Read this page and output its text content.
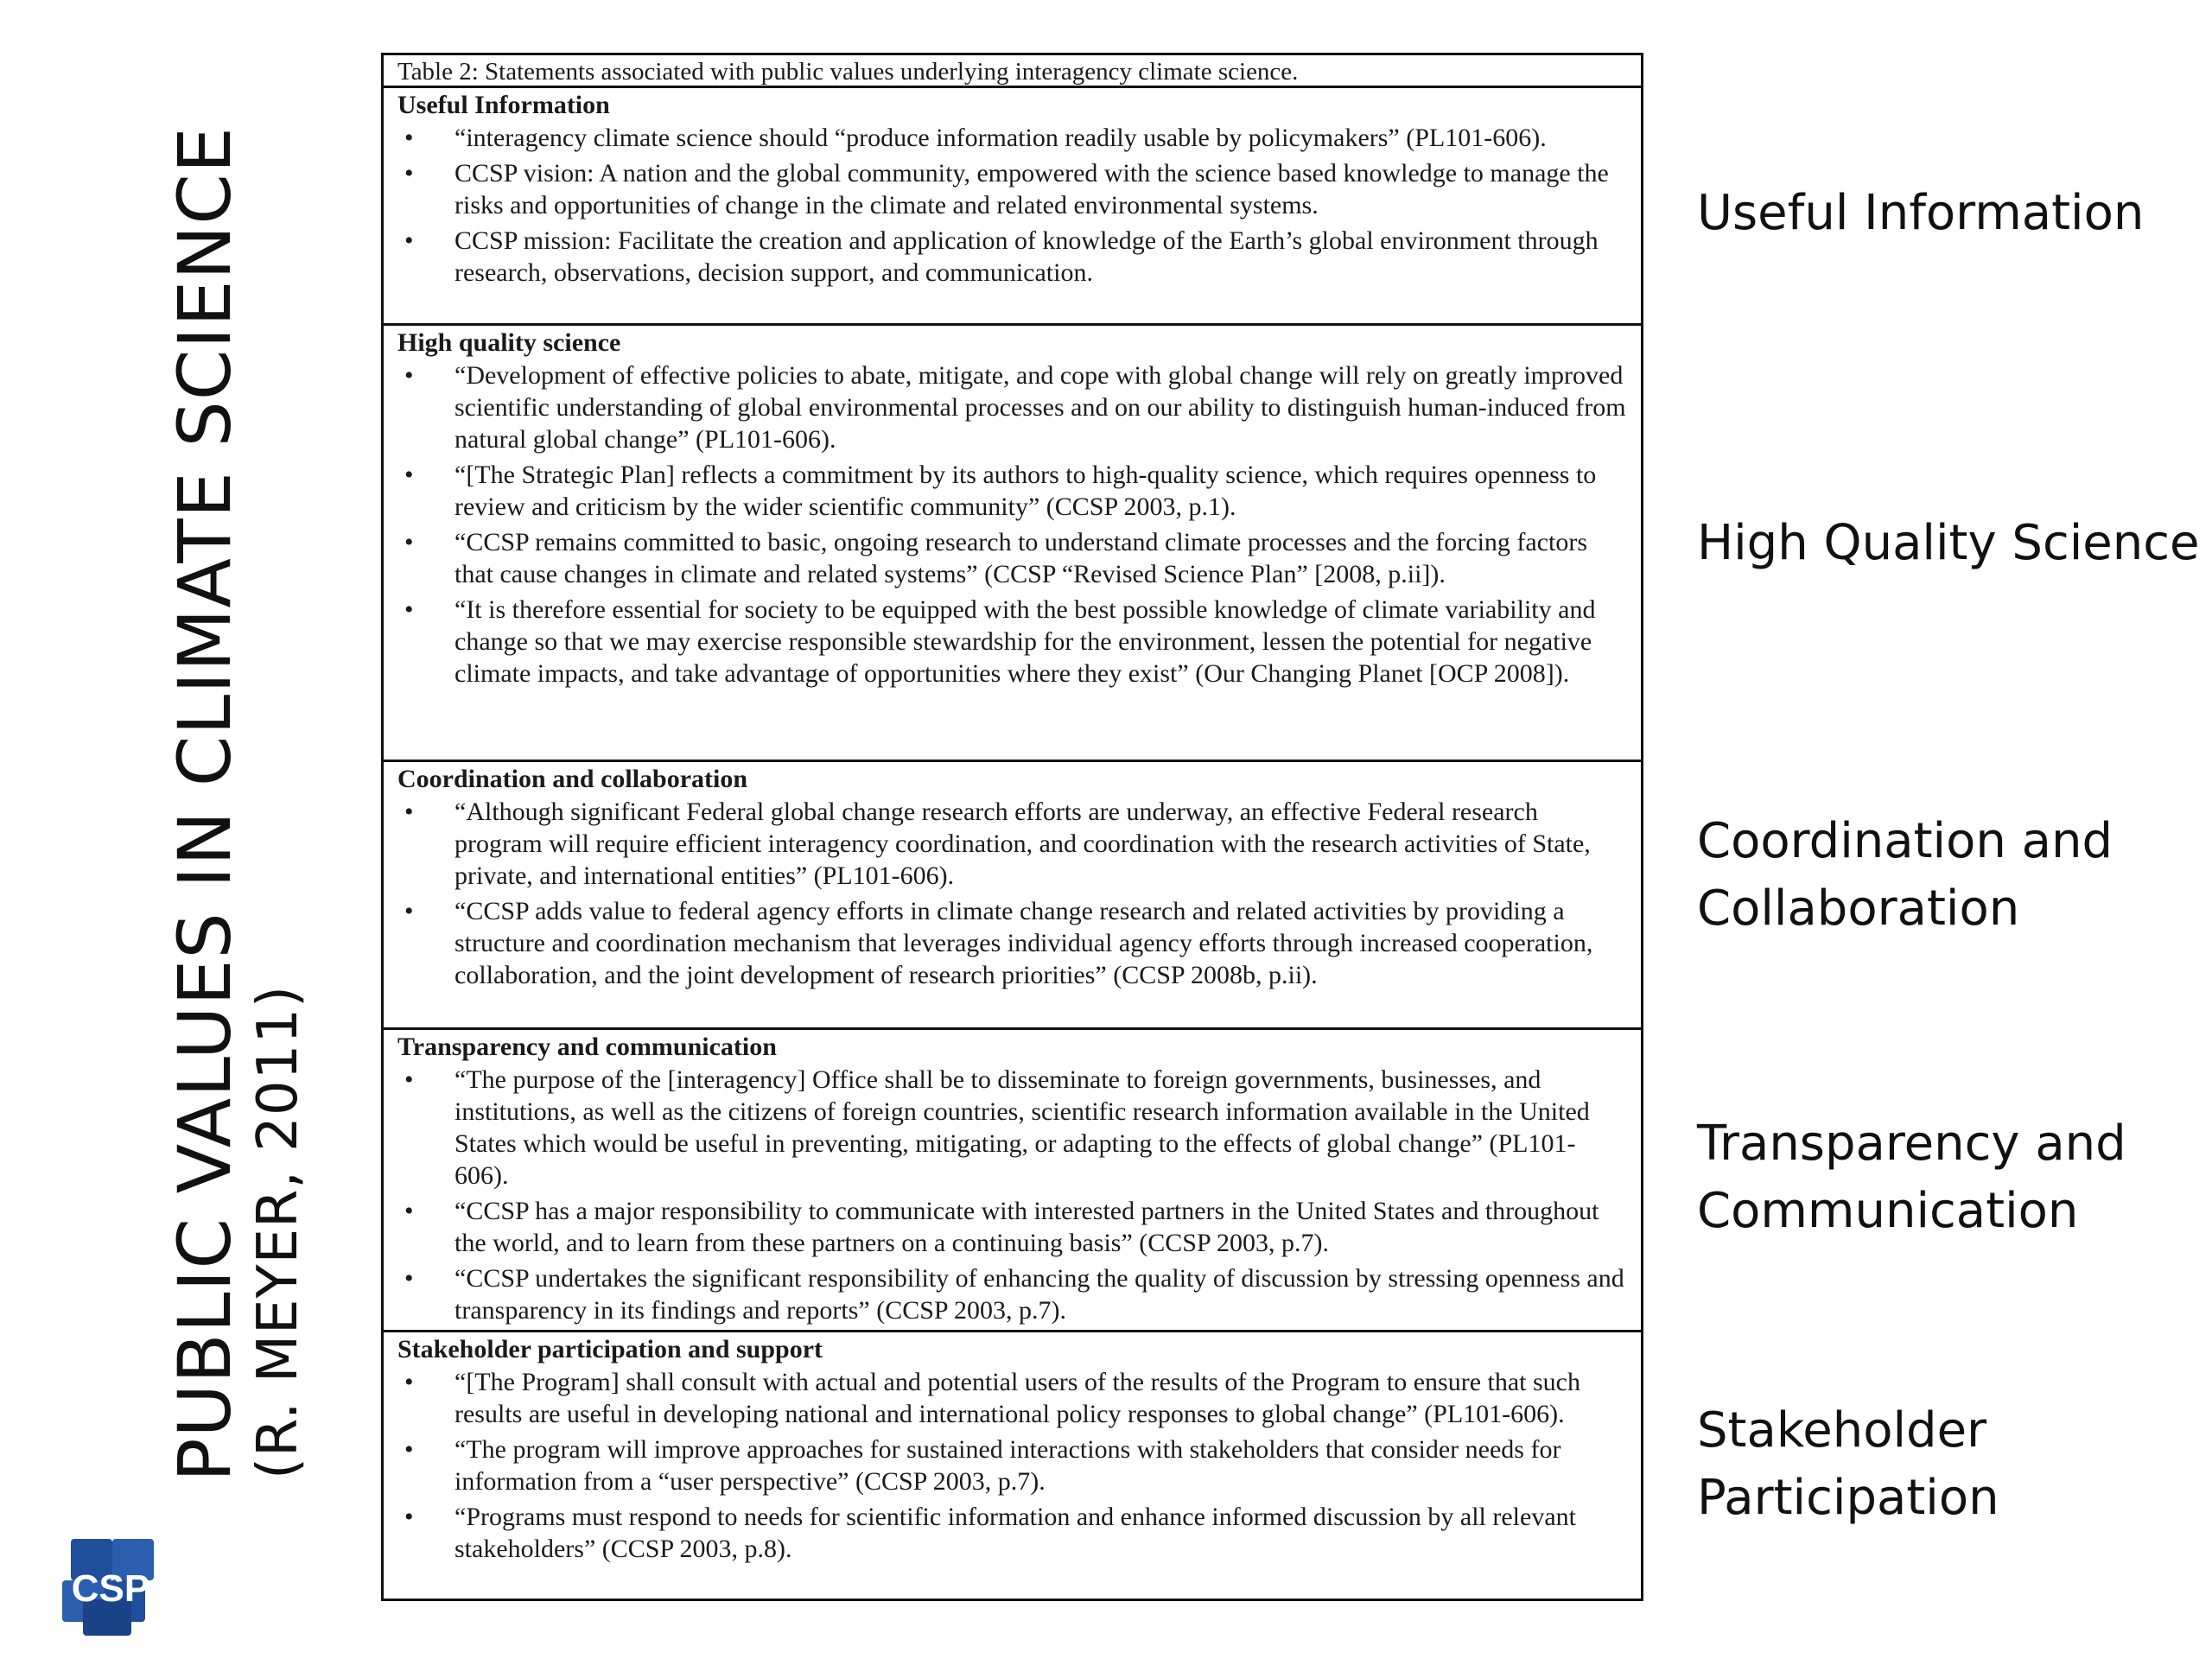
PUBLIC VALUES IN CLIMATE SCIENCE (R. MEYER, 2011)
CSP
Table 2: Statements associated with public values underlying interagency climate science.
Useful Information
• “interagency climate science should “produce information readily usable by policymakers” (PL101-606).
• CCSP vision: A nation and the global community, empowered with the science based knowledge to manage the risks and opportunities of change in the climate and related environmental systems.
• CCSP mission: Facilitate the creation and application of knowledge of the Earth’s global environment through research, observations, decision support, and communication.
High quality science
• “Development of effective policies to abate, mitigate, and cope with global change will rely on greatly improved scientific understanding of global environmental processes and on our ability to distinguish human-induced from natural global change” (PL101-606).
• “[The Strategic Plan] reflects a commitment by its authors to high-quality science, which requires openness to review and criticism by the wider scientific community” (CCSP 2003, p.1).
• “CCSP remains committed to basic, ongoing research to understand climate processes and the forcing factors that cause changes in climate and related systems” (CCSP “Revised Science Plan” [2008, p.ii]).
• “It is therefore essential for society to be equipped with the best possible knowledge of climate variability and change so that we may exercise responsible stewardship for the environment, lessen the potential for negative climate impacts, and take advantage of opportunities where they exist” (Our Changing Planet [OCP 2008]).
Coordination and collaboration
• “Although significant Federal global change research efforts are underway, an effective Federal research program will require efficient interagency coordination, and coordination with the research activities of State, private, and international entities” (PL101-606).
• “CCSP adds value to federal agency efforts in climate change research and related activities by providing a structure and coordination mechanism that leverages individual agency efforts through increased cooperation, collaboration, and the joint development of research priorities” (CCSP 2008b, p.ii).
Transparency and communication
• “The purpose of the [interagency] Office shall be to disseminate to foreign governments, businesses, and institutions, as well as the citizens of foreign countries, scientific research information available in the United States which would be useful in preventing, mitigating, or adapting to the effects of global change” (PL101-606).
• “CCSP has a major responsibility to communicate with interested partners in the United States and throughout the world, and to learn from these partners on a continuing basis” (CCSP 2003, p.7).
• “CCSP undertakes the significant responsibility of enhancing the quality of discussion by stressing openness and transparency in its findings and reports” (CCSP 2003, p.7).
Stakeholder participation and support
• “[The Program] shall consult with actual and potential users of the results of the Program to ensure that such results are useful in developing national and international policy responses to global change” (PL101-606).
• “The program will improve approaches for sustained interactions with stakeholders that consider needs for information from a “user perspective” (CCSP 2003, p.7).
• “Programs must respond to needs for scientific information and enhance informed discussion by all relevant stakeholders” (CCSP 2003, p.8).
Useful Information
High Quality Science
Coordination and
Collaboration
Transparency and
Communication
Stakeholder
Participation
